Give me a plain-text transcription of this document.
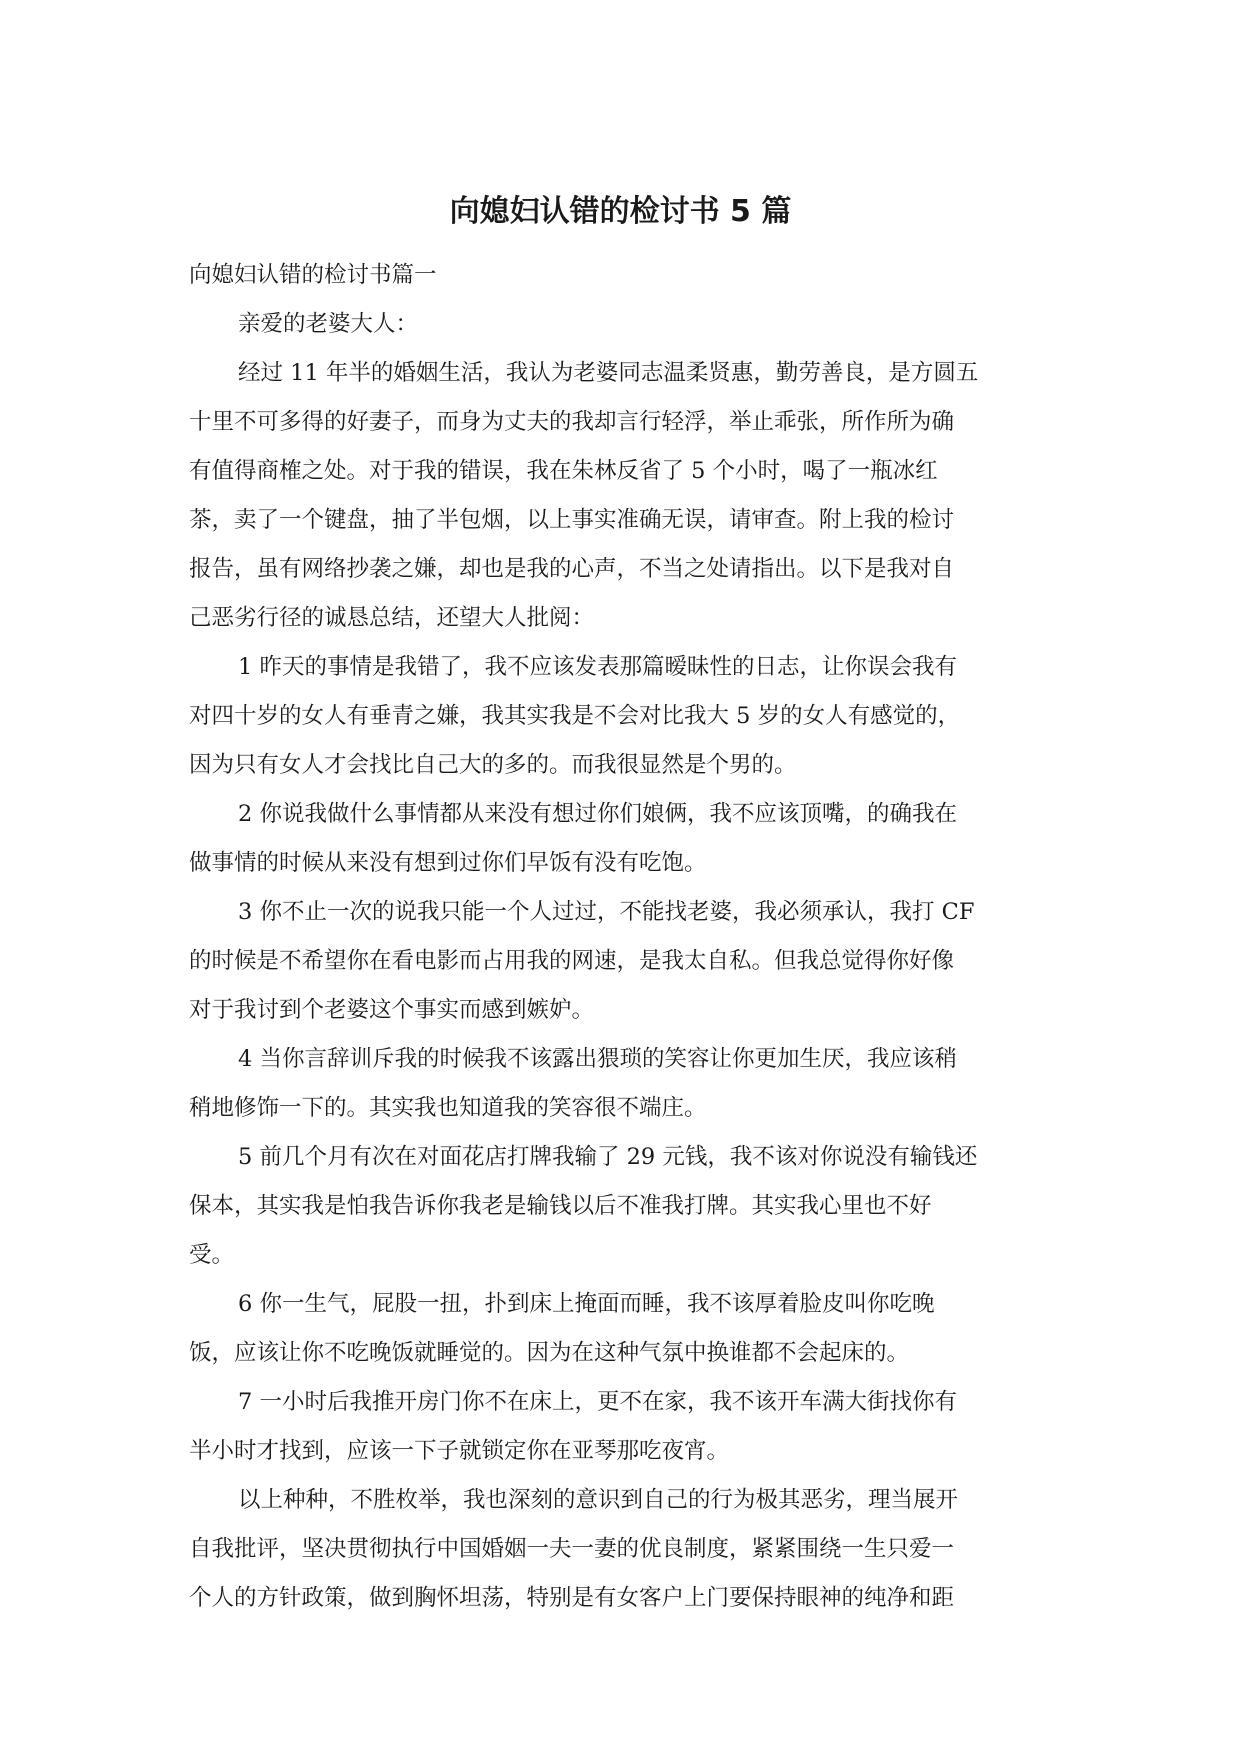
向媳妇认错的检讨书 5 篇

向媳妇认错的检讨书篇一

亲爱的老婆大人：

经过 11 年半的婚姻生活，我认为老婆同志温柔贤惠，勤劳善良，是方圆五
十里不可多得的好妻子，而身为丈夫的我却言行轻浮，举止乖张，所作所为确
有值得商榷之处。对于我的错误，我在朱林反省了 5 个小时，喝了一瓶冰红
茶，卖了一个键盘，抽了半包烟，以上事实准确无误，请审查。附上我的检讨
报告，虽有网络抄袭之嫌，却也是我的心声，不当之处请指出。以下是我对自
己恶劣行径的诚恳总结，还望大人批阅：

1 昨天的事情是我错了，我不应该发表那篇暧昧性的日志，让你误会我有
对四十岁的女人有垂青之嫌，我其实我是不会对比我大 5 岁的女人有感觉的，
因为只有女人才会找比自己大的多的。而我很显然是个男的。

2 你说我做什么事情都从来没有想过你们娘俩，我不应该顶嘴，的确我在
做事情的时候从来没有想到过你们早饭有没有吃饱。

3 你不止一次的说我只能一个人过过，不能找老婆，我必须承认，我打 CF
的时候是不希望你在看电影而占用我的网速，是我太自私。但我总觉得你好像
对于我讨到个老婆这个事实而感到嫉妒。

4 当你言辞训斥我的时候我不该露出猥琐的笑容让你更加生厌，我应该稍
稍地修饰一下的。其实我也知道我的笑容很不端庄。

5 前几个月有次在对面花店打牌我输了 29 元钱，我不该对你说没有输钱还
保本，其实我是怕我告诉你我老是输钱以后不准我打牌。其实我心里也不好
受。

6 你一生气，屁股一扭，扑到床上掩面而睡，我不该厚着脸皮叫你吃晚
饭，应该让你不吃晚饭就睡觉的。因为在这种气氛中换谁都不会起床的。

7 一小时后我推开房门你不在床上，更不在家，我不该开车满大街找你有
半小时才找到，应该一下子就锁定你在亚琴那吃夜宵。

以上种种，不胜枚举，我也深刻的意识到自己的行为极其恶劣，理当展开
自我批评，坚决贯彻执行中国婚姻一夫一妻的优良制度，紧紧围绕一生只爱一
个人的方针政策，做到胸怀坦荡，特别是有女客户上门要保持眼神的纯净和距
